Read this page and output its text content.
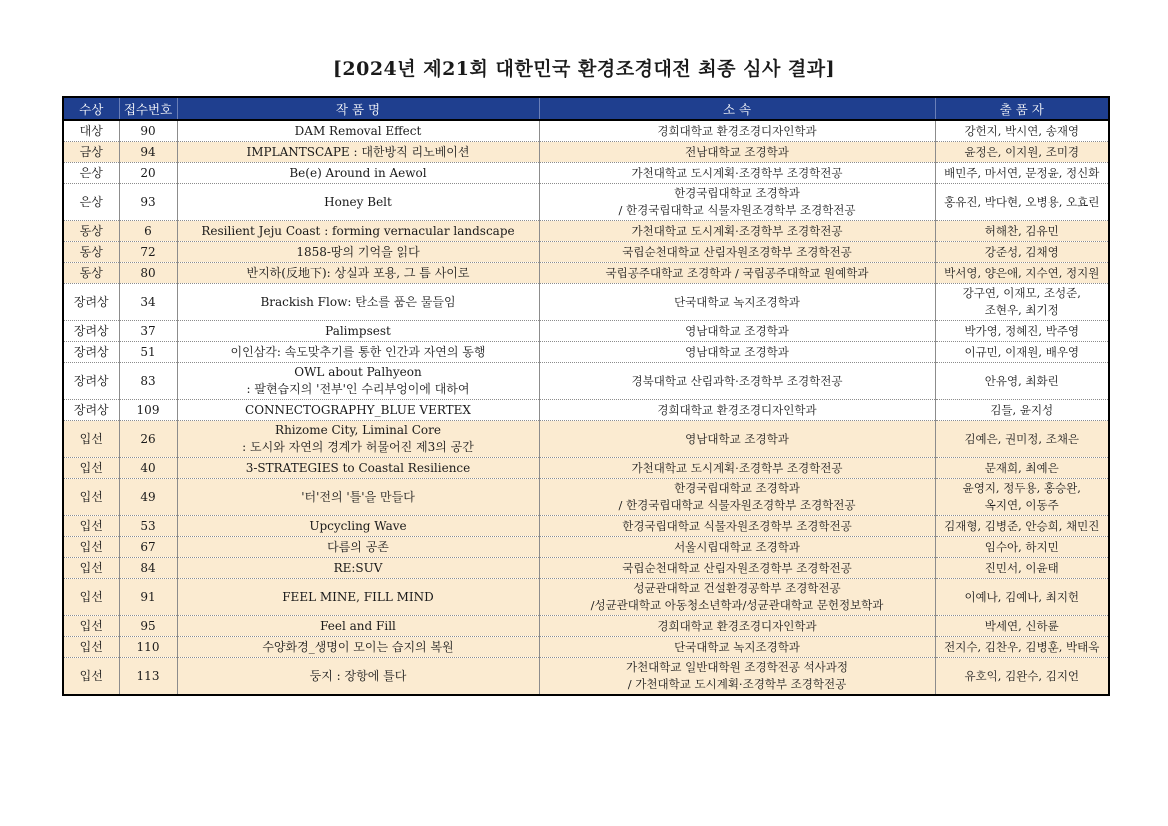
[2024년 제21회 대한민국 환경조경대전 최종 심사 결과]
수상	접수번호	작 품 명	소 속	출 품 자
대상	90	DAM Removal Effect	경희대학교 환경조경디자인학과	강헌지, 박시연, 송재영

금상	94	IMPLANTSCAPE : 대한방직 리노베이션	전남대학교 조경학과	윤정은, 이지원, 조미경

은상	20	Be(e) Around in Aewol	가천대학교 도시계획·조경학부 조경학전공	배민주, 마서연, 문정윤, 정신화

은상	93	Honey Belt	한경국립대학교 조경학과
/ 한경국립대학교 식물자원조경학부 조경학전공	홍유진, 박다현, 오병용, 오효린

동상	6	Resilient Jeju Coast : forming vernacular landscape	가천대학교 도시계획·조경학부 조경학전공	허해찬, 김유민

동상	72	1858-땅의 기억을 읽다	국립순천대학교 산림자원조경학부 조경학전공	강준성, 김채영

동상	80	반지하(反地下): 상실과 포용, 그 틈 사이로	국립공주대학교 조경학과 / 국립공주대학교 원예학과	박서영, 양은애, 지수연, 정지원

장려상	34	Brackish Flow: 탄소를 품은 물들임	단국대학교 녹지조경학과	강구연, 이재모, 조성준,
조현우, 최기정

장려상	37	Palimpsest	영남대학교 조경학과	박가영, 정혜진, 박주영

장려상	51	이인삼각: 속도맞추기를 통한 인간과 자연의 동행	영남대학교 조경학과	이규민, 이재원, 배우영

장려상	83	OWL about Palhyeon
: 팔현습지의 '전부'인 수리부엉이에 대하여	경북대학교 산림과학·조경학부 조경학전공	안유영, 최화린

장려상	109	CONNECTOGRAPHY_BLUE VERTEX	경희대학교 환경조경디자인학과	김들, 윤지성

입선	26	Rhizome City, Liminal Core
: 도시와 자연의 경계가 허물어진 제3의 공간	영남대학교 조경학과	김예은, 권미정, 조채은

입선	40	3-STRATEGIES to Coastal Resilience	가천대학교 도시계획·조경학부 조경학전공	문재희, 최예은

입선	49	'터'전의 '틀'을 만들다	한경국립대학교 조경학과
/ 한경국립대학교 식물자원조경학부 조경학전공	윤영지, 정두용, 홍승완,
옥지연, 이동주

입선	53	Upcycling Wave	한경국립대학교 식물자원조경학부 조경학전공	김재형, 김병준, 안승희, 채민진

입선	67	다름의 공존	서울시립대학교 조경학과	임수아, 하지민

입선	84	RE:SUV	국립순천대학교 산림자원조경학부 조경학전공	진민서, 이윤태

입선	91	FEEL MINE, FILL MIND	성균관대학교 건설환경공학부 조경학전공
/성균관대학교 아동청소년학과/성균관대학교 문헌정보학과	이예나, 김예나, 최지헌

입선	95	Feel and Fill	경희대학교 환경조경디자인학과	박세연, 신하륜

입선	110	수양화경_생명이 모이는 습지의 복원	단국대학교 녹지조경학과	전지수, 김찬우, 김병훈, 박태욱

입선	113	둥지 : 장항에 틀다	가천대학교 일반대학원 조경학전공 석사과정
/ 가천대학교 도시계획·조경학부 조경학전공	유호익, 김완수, 김지언
